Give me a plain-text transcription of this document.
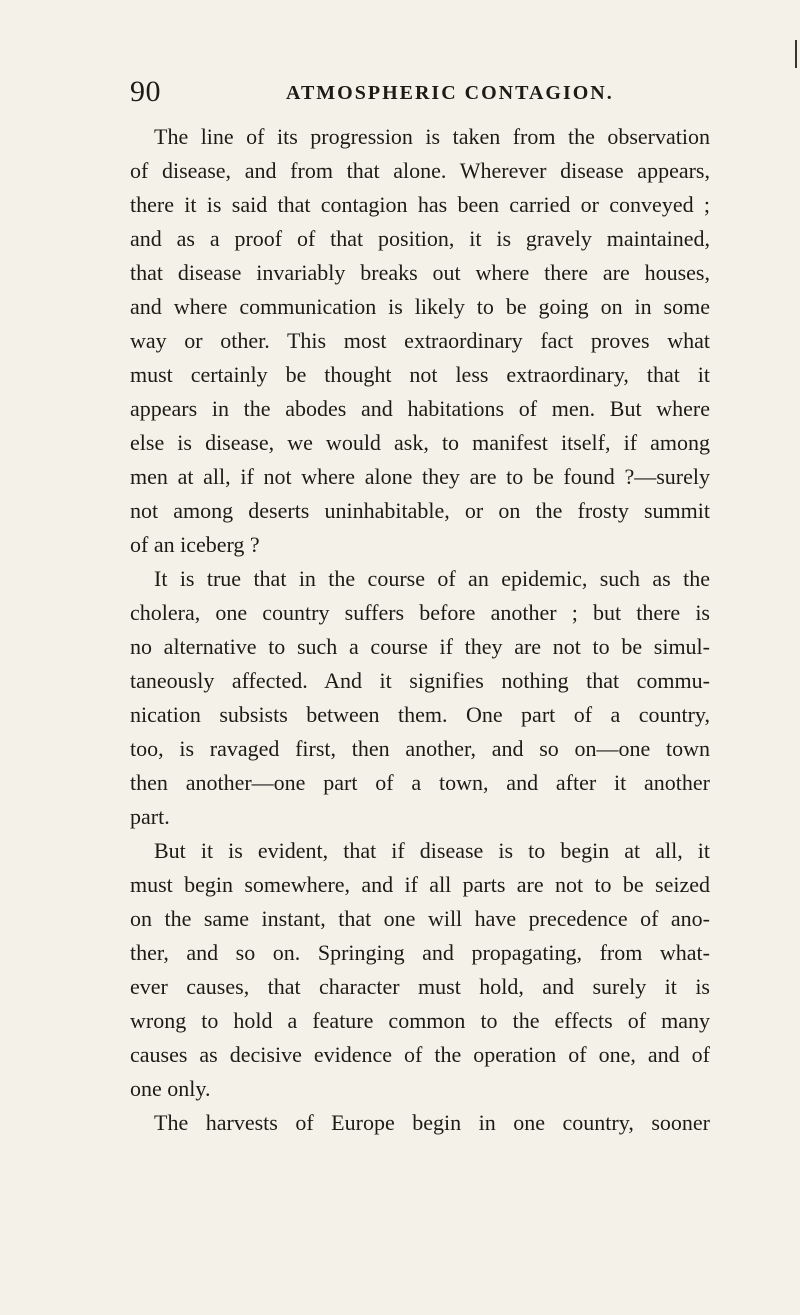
90	ATMOSPHERIC CONTAGION.
The line of its progression is taken from the observation
of disease, and from that alone. Wherever disease appears,
there it is said that contagion has been carried or conveyed ;
and as a proof of that position, it is gravely maintained,
that disease invariably breaks out where there are houses,
and where communication is likely to be going on in some
way or other. This most extraordinary fact proves what
must certainly be thought not less extraordinary, that it
appears in the abodes and habitations of men. But where
else is disease, we would ask, to manifest itself, if among
men at all, if not where alone they are to be found ?—surely
not among deserts uninhabitable, or on the frosty summit
of an iceberg ?
It is true that in the course of an epidemic, such as the
cholera, one country suffers before another ; but there is
no alternative to such a course if they are not to be simul-
taneously affected. And it signifies nothing that commu-
nication subsists between them. One part of a country,
too, is ravaged first, then another, and so on—one town
then another—one part of a town, and after it another
part.
But it is evident, that if disease is to begin at all, it
must begin somewhere, and if all parts are not to be seized
on the same instant, that one will have precedence of ano-
ther, and so on. Springing and propagating, from what-
ever causes, that character must hold, and surely it is
wrong to hold a feature common to the effects of many
causes as decisive evidence of the operation of one, and of
one only.
The harvests of Europe begin in one country, sooner
